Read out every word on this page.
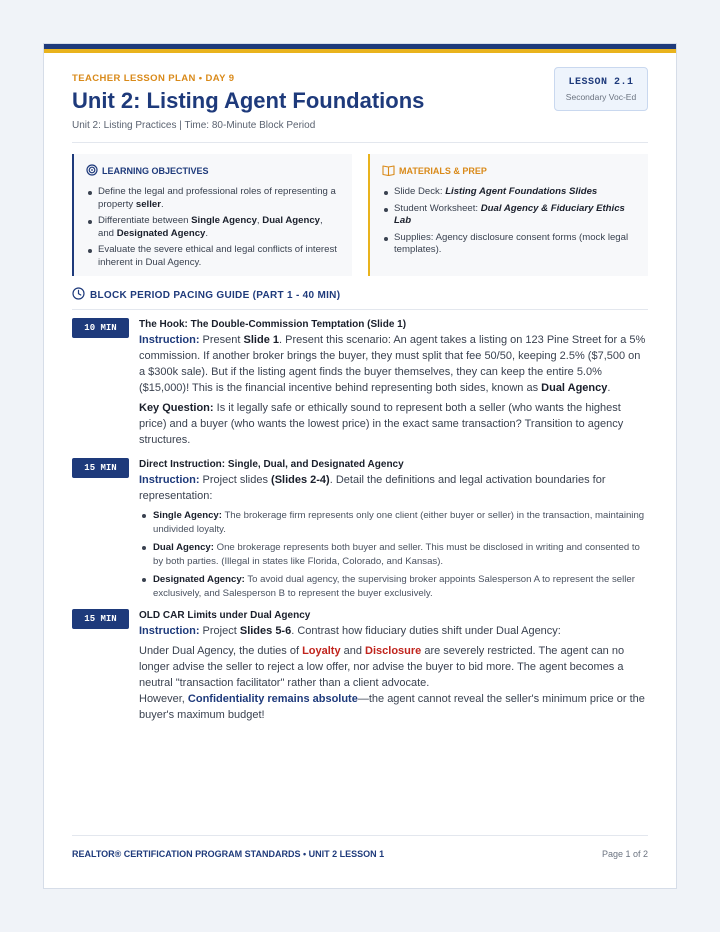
TEACHER LESSON PLAN • DAY 9
Unit 2: Listing Agent Foundations
Unit 2: Listing Practices | Time: 80-Minute Block Period
LESSON 2.1
Secondary Voc-Ed
LEARNING OBJECTIVES
Define the legal and professional roles of representing a property seller.
Differentiate between Single Agency, Dual Agency, and Designated Agency.
Evaluate the severe ethical and legal conflicts of interest inherent in Dual Agency.
MATERIALS & PREP
Slide Deck: Listing Agent Foundations Slides
Student Worksheet: Dual Agency & Fiduciary Ethics Lab
Supplies: Agency disclosure consent forms (mock legal templates).
BLOCK PERIOD PACING GUIDE (PART 1 - 40 MIN)
10 MIN	The Hook: The Double-Commission Temptation (Slide 1)
Instruction: Present Slide 1. Present this scenario: An agent takes a listing on 123 Pine Street for a 5% commission. If another broker brings the buyer, they must split that fee 50/50, keeping 2.5% ($7,500 on a $300k sale). But if the listing agent finds the buyer themselves, they can keep the entire 5.0% ($15,000)! This is the financial incentive behind representing both sides, known as Dual Agency.
Key Question: Is it legally safe or ethically sound to represent both a seller (who wants the highest price) and a buyer (who wants the lowest price) in the exact same transaction? Transition to agency structures.
15 MIN	Direct Instruction: Single, Dual, and Designated Agency
Instruction: Project slides (Slides 2-4). Detail the definitions and legal activation boundaries for representation:
Single Agency: The brokerage firm represents only one client (either buyer or seller) in the transaction, maintaining undivided loyalty.
Dual Agency: One brokerage represents both buyer and seller. This must be disclosed in writing and consented to by both parties. (Illegal in states like Florida, Colorado, and Kansas).
Designated Agency: To avoid dual agency, the supervising broker appoints Salesperson A to represent the seller exclusively, and Salesperson B to represent the buyer exclusively.
15 MIN	OLD CAR Limits under Dual Agency
Instruction: Project Slides 5-6. Contrast how fiduciary duties shift under Dual Agency:
Under Dual Agency, the duties of Loyalty and Disclosure are severely restricted. The agent can no longer advise the seller to reject a low offer, nor advise the buyer to bid more. The agent becomes a neutral "transaction facilitator" rather than a client advocate.
However, Confidentiality remains absolute—the agent cannot reveal the seller's minimum price or the buyer's maximum budget!
REALTOR® CERTIFICATION PROGRAM STANDARDS • UNIT 2 LESSON 1	Page 1 of 2
